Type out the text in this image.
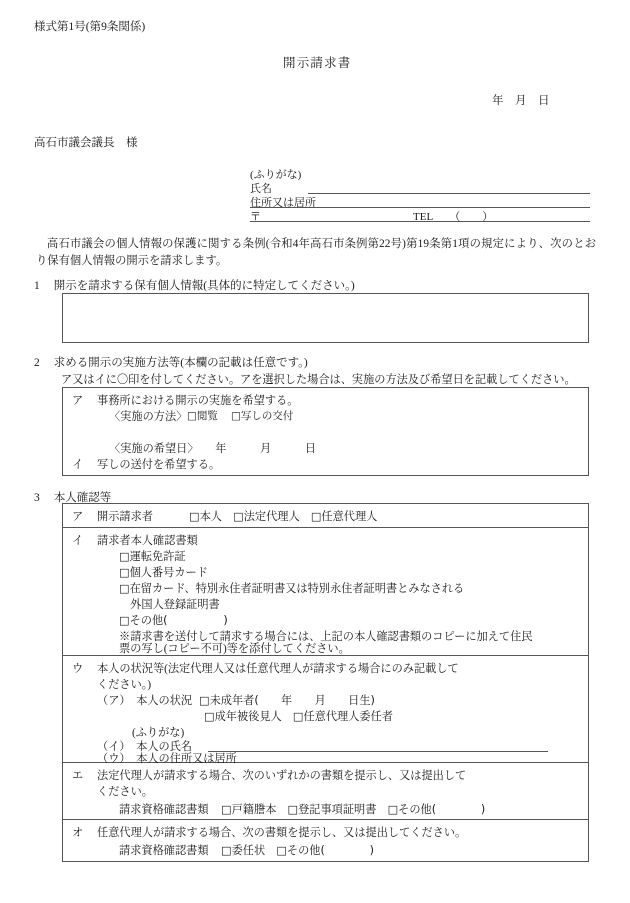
様式第1号(第9条関係)
開示請求書
年　月　日
高石市議会議長　様
(ふりがな)
氏名
住所又は居所
〒	TEL　　（　　）
高石市議会の個人情報の保護に関する条例(令和4年高石市条例第22号)第19条第1項の規定により、次のとおり保有個人情報の開示を請求します。
1 開示を請求する保有個人情報(具体的に特定してください。)
2 求める開示の実施方法等(本欄の記載は任意です。)
ア又はイに〇印を付してください。アを選択した場合は、実施の方法及び希望日を記載してください。
ア 事務所における開示の実施を希望する。
〈実施の方法〉 □閲覧 □写しの交付
〈実施の希望日〉　　年　　　月　　　日
イ 写しの送付を希望する。
3 本人確認等
ア 開示請求者	□本人　□法定代理人　□任意代理人
イ 請求者本人確認書類
□運転免許証
□個人番号カード
□在留カード、特別永住者証明書又は特別永住者証明書とみなされる
　外国人登録証明書
□その他(　　　　　)
※請求書を送付して請求する場合には、上記の本人確認書類のコピーに加えて住民
票の写し(コピー不可)等を添付してください。
ウ 本人の状況等(法定代理人又は任意代理人が請求する場合にのみ記載して
ください。)
（ア）　本人の状況 □未成年者(　　年　　月　　日生)
□成年被後見人　□任意代理人委任者
(ふりがな)
（イ）　本人の氏名
（ウ）　本人の住所又は居所
エ 法定代理人が請求する場合、次のいずれかの書類を提示し、又は提出して
ください。
請求資格確認書類 □戸籍謄本　□登記事項証明書　□その他(　　　　)
オ 任意代理人が請求する場合、次の書類を提示し、又は提出してください。
請求資格確認書類 □委任状　□その他(　　　　)
